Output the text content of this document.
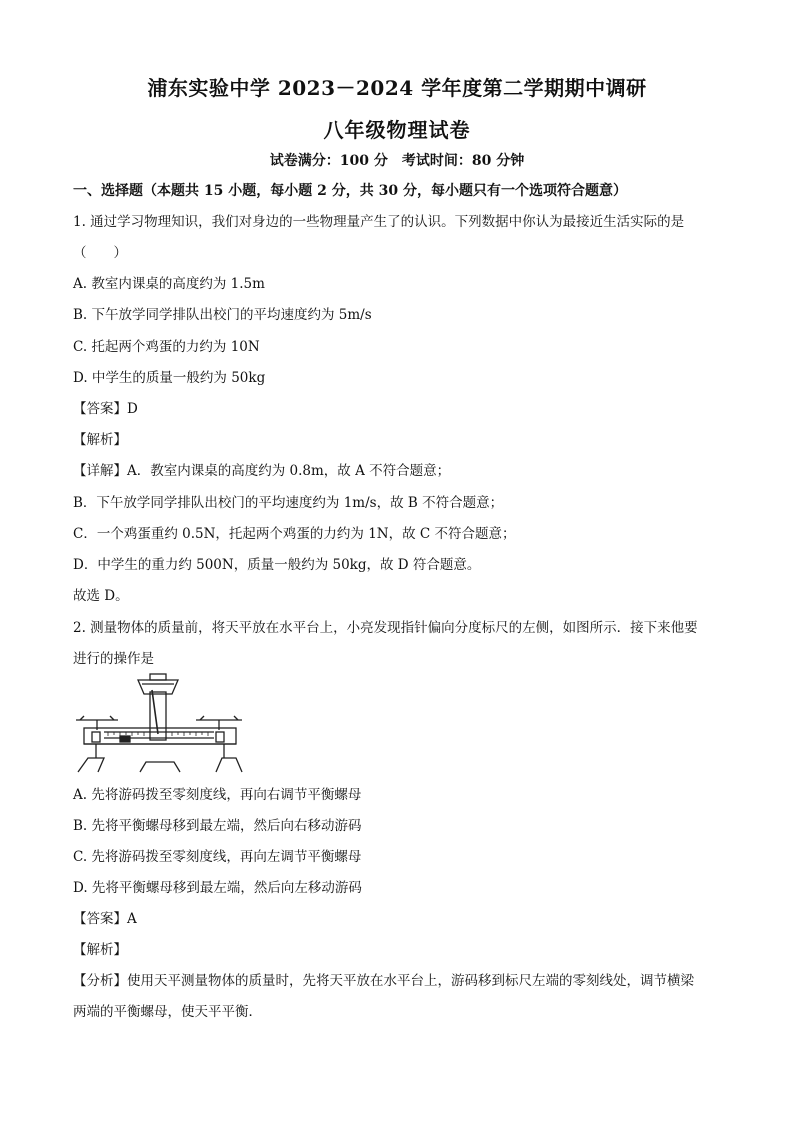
浦东实验中学 2023－2024 学年度第二学期期中调研
八年级物理试卷
试卷满分：100 分　考试时间：80 分钟
一、选择题（本题共 15 小题，每小题 2 分，共 30 分，每小题只有一个选项符合题意）
1. 通过学习物理知识，我们对身边的一些物理量产生了的认识。下列数据中你认为最接近生活实际的是
（　　）
A. 教室内课桌的高度约为 1.5m
B. 下午放学同学排队出校门的平均速度约为 5m/s
C. 托起两个鸡蛋的力约为 10N
D. 中学生的质量一般约为 50kg
【答案】D
【解析】
【详解】A．教室内课桌的高度约为 0.8m，故 A 不符合题意；
B．下午放学同学排队出校门的平均速度约为 1m/s，故 B 不符合题意；
C．一个鸡蛋重约 0.5N，托起两个鸡蛋的力约为 1N，故 C 不符合题意；
D．中学生的重力约 500N，质量一般约为 50kg，故 D 符合题意。
故选 D。
2. 测量物体的质量前，将天平放在水平台上，小亮发现指针偏向分度标尺的左侧，如图所示．接下来他要
进行的操作是
A. 先将游码拨至零刻度线，再向右调节平衡螺母
B. 先将平衡螺母移到最左端，然后向右移动游码
C. 先将游码拨至零刻度线，再向左调节平衡螺母
D. 先将平衡螺母移到最左端，然后向左移动游码
【答案】A
【解析】
【分析】使用天平测量物体的质量时，先将天平放在水平台上，游码移到标尺左端的零刻线处，调节横梁
两端的平衡螺母，使天平平衡．
